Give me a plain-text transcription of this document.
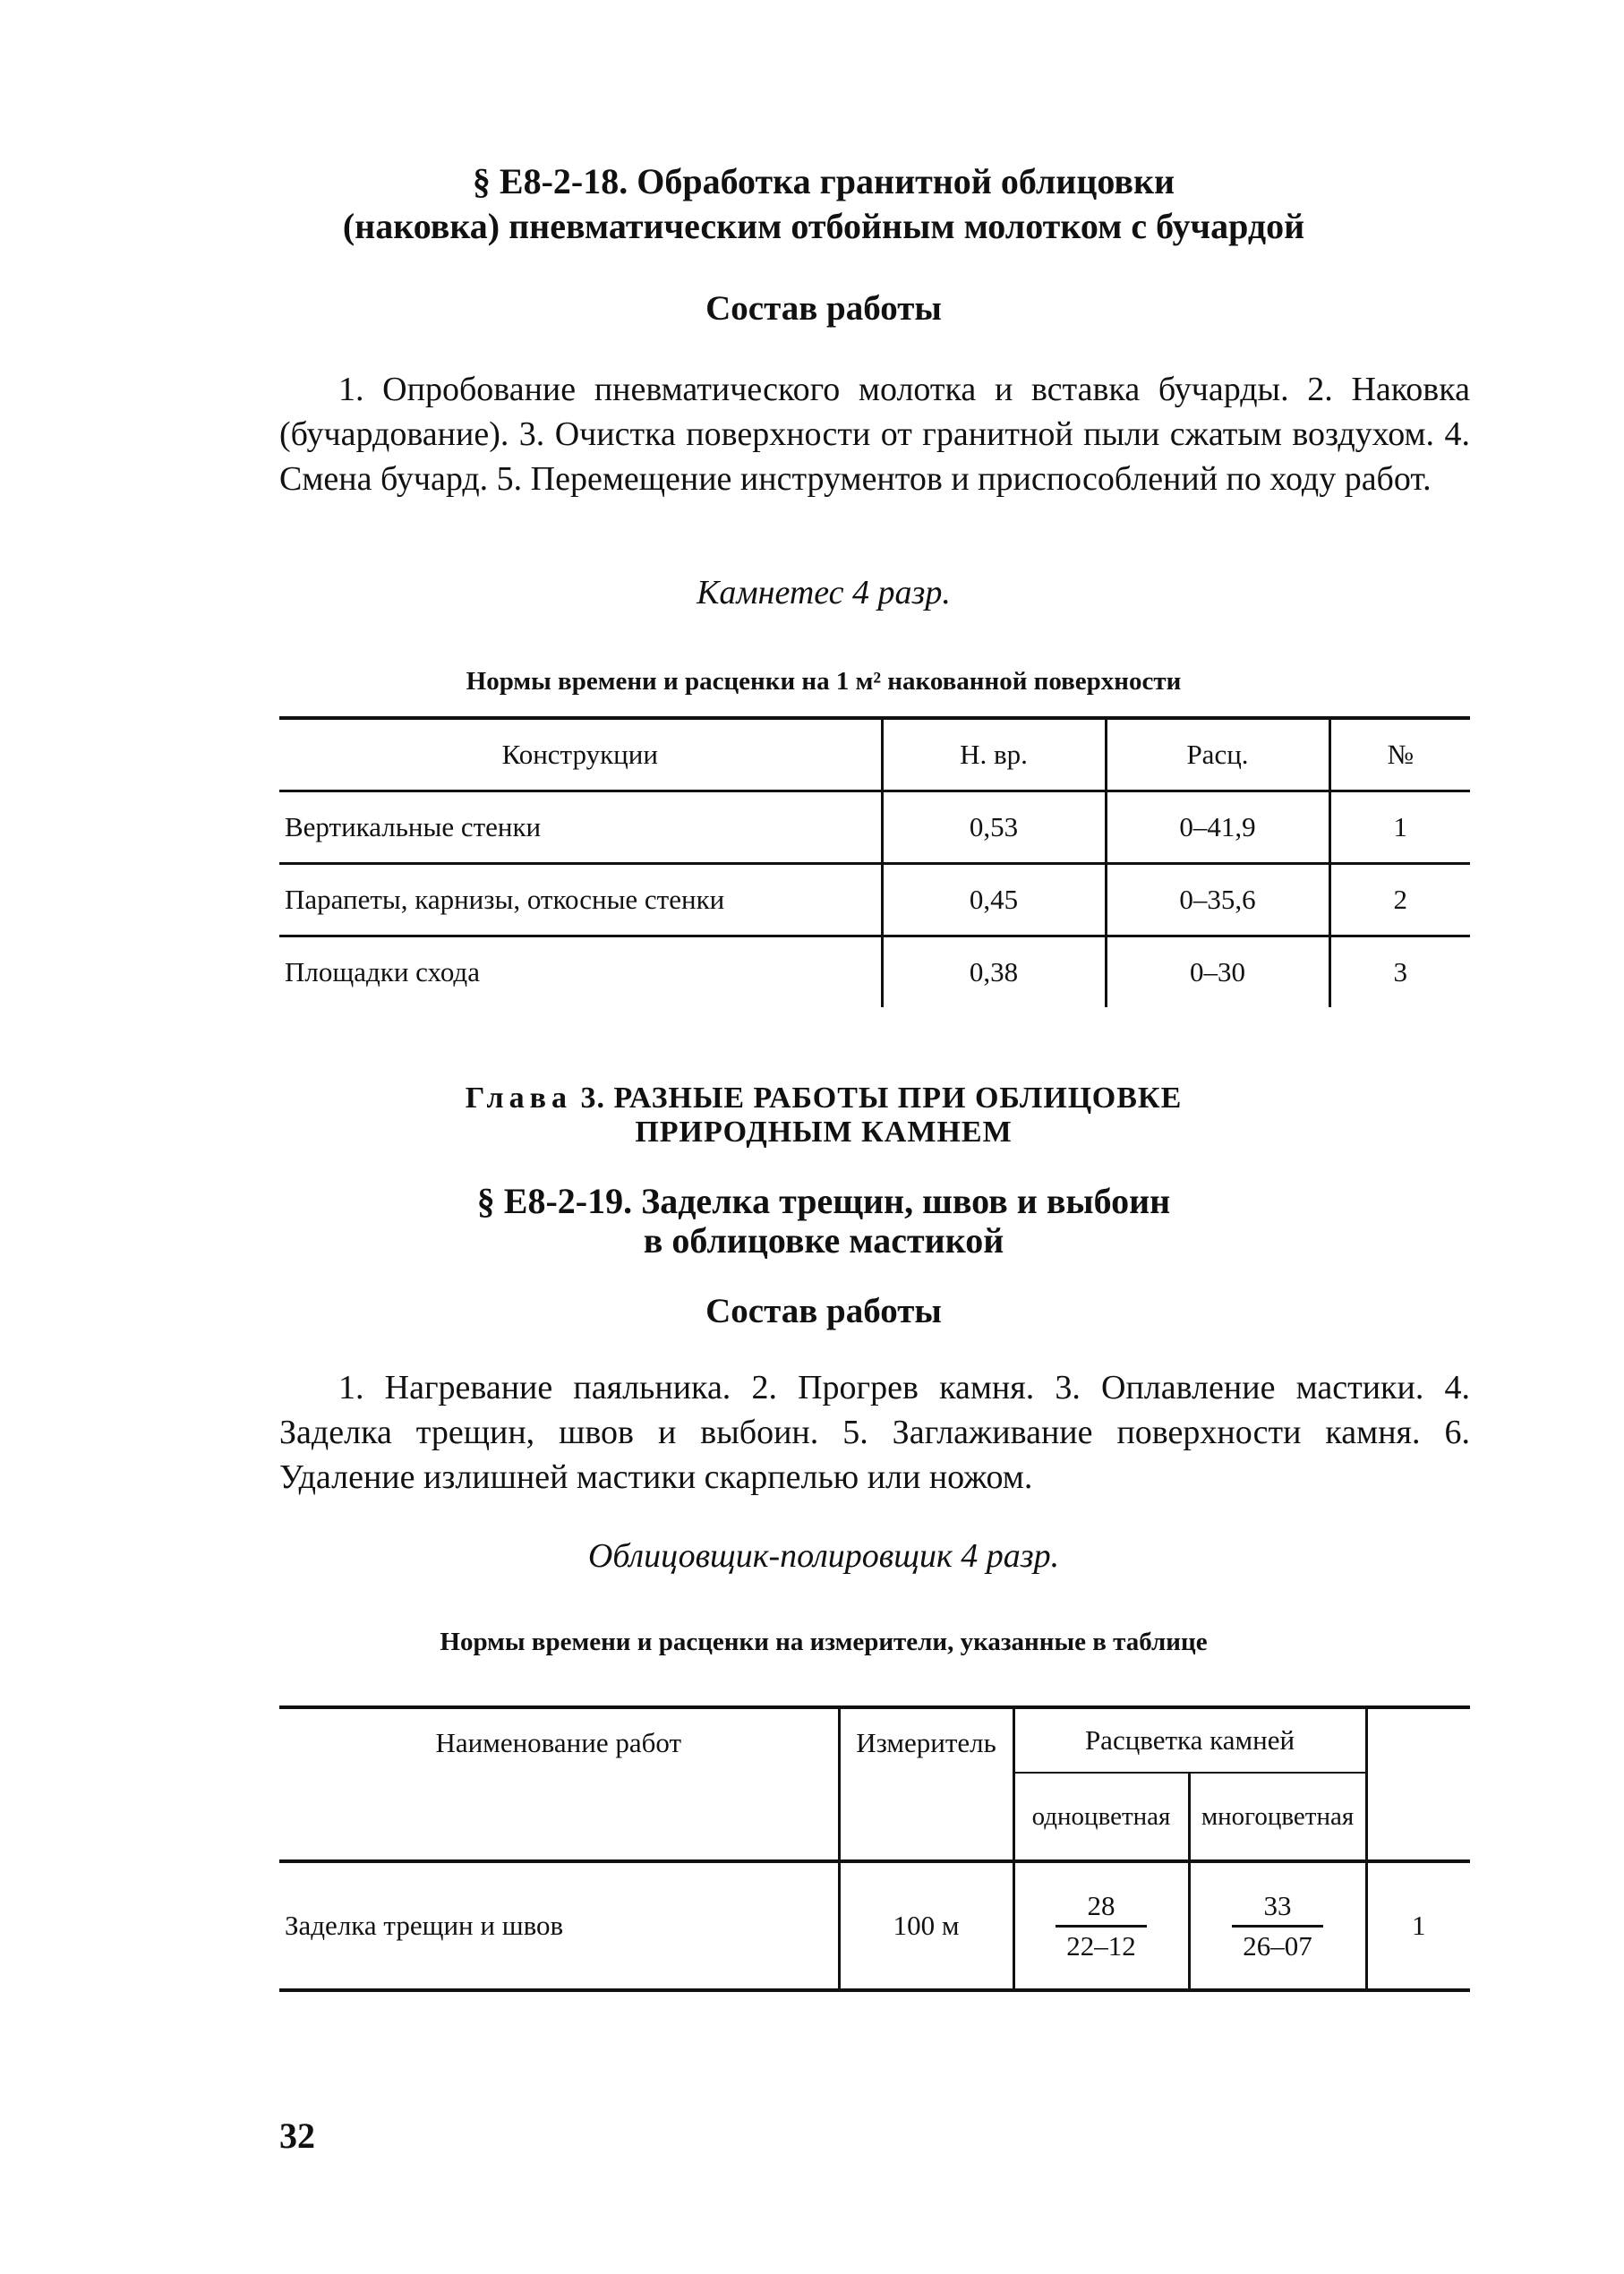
§ Е8-2-18. Обработка гранитной облицовки
(наковка) пневматическим отбойным молотком с бучардой
Состав работы
1. Опробование пневматического молотка и вставка бучарды. 2. Наковка (бучардование). 3. Очистка поверхности от гранитной пыли сжатым воздухом. 4. Смена бучард. 5. Перемещение инструментов и приспособлений по ходу работ.
Камнетес 4 разр.
Нормы времени и расценки на 1 м² накованной поверхности
Конструкции	Н. вр.	Расц.	№
Вертикальные стенки	0,53	0–41,9	1
Парапеты, карнизы, откосные стенки	0,45	0–35,6	2
Площадки схода	0,38	0–30	3
Глава 3. РАЗНЫЕ РАБОТЫ ПРИ ОБЛИЦОВКЕ
ПРИРОДНЫМ КАМНЕМ
§ Е8-2-19. Заделка трещин, швов и выбоин
в облицовке мастикой
Состав работы
1. Нагревание паяльника. 2. Прогрев камня. 3. Оплавление мастики. 4. Заделка трещин, швов и выбоин. 5. Заглаживание поверхности камня. 6. Удаление излишней мастики скарпелью или ножом.
Облицовщик-полировщик 4 разр.
Нормы времени и расценки на измерители, указанные в таблице
Наименование работ	Измеритель	Расцветка камней		
		одноцветная	многоцветная	
Заделка трещин и швов	100 м	$\frac{28}{22-12}$	$\frac{33}{26-07}$	1
32
